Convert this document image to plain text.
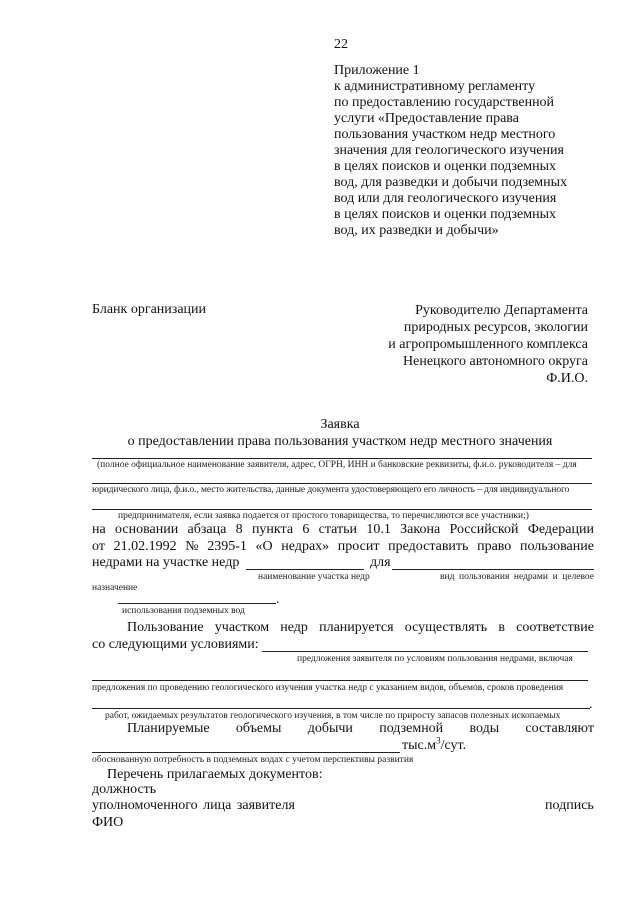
22
Приложение 1
к административному регламенту
по предоставлению государственной
услуги «Предоставление права
пользования участком недр местного
значения для геологического изучения
в целях поисков и оценки подземных
вод, для разведки и добычи подземных
вод или для геологического изучения
в целях поисков и оценки подземных
вод, их разведки и добычи»
Бланк организации	Руководителю Департамента
природных ресурсов, экологии
и агропромышленного комплекса
Ненецкого автономного округа
Ф.И.О.
Заявка
о предоставлении права пользования участком недр местного значения
(полное официальное наименование заявителя, адрес, ОГРН, ИНН и банковские реквизиты, ф.и.о. руководителя – для
юридического лица, ф.и.о., место жительства, данные документа удостоверяющего его личность – для индивидуального
предпринимателя, если заявка подается от простого товарищества, то перечисляются все участники;)
на основании абзаца 8 пункта 6 статьи 10.1 Закона Российской Федерации
от 21.02.1992 № 2395-1 «О недрах» просит предоставить право пользование
недрами на участке недр	для
наименование участка недр	вид пользования недрами и целевое
назначение
.
использования подземных вод
Пользование участком недр планируется осуществлять в соответствие
со следующими условиями:
предложения заявителя по условиям пользования недрами, включая
предложения по проведению геологического изучения участка недр с указанием видов, объемов, сроков проведения
.
работ, ожидаемых результатов геологического изучения, в том числе по приросту запасов полезных ископаемых
Планируемые объемы добычи подземной воды составляют
$тыс.м^3$/сут.
обоснованную потребность в подземных водах с учетом перспективы развития
Перечень прилагаемых документов:
должность
уполномоченного лица заявителя	подпись
ФИО
